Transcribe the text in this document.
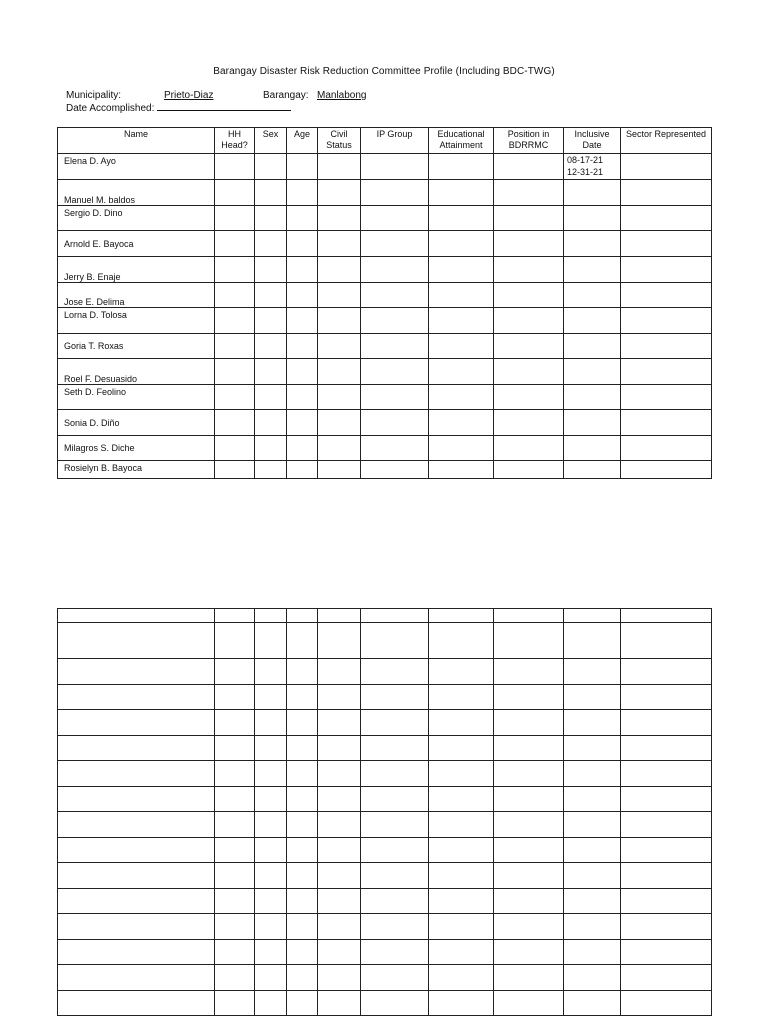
Barangay Disaster Risk Reduction Committee Profile (Including BDC-TWG)
Municipality:	Prieto-Diaz	Barangay: Manlabong
Date Accomplished:
Name	HH Head?	Sex	Age	Civil Status	IP Group	Educational Attainment	Position in BDRRMC	Inclusive Date	Sector Represented
Elena D. Ayo								08-17-21
12-31-21	

Manuel M. baldos									
Sergio D. Dino									
Arnold E. Bayoca									
Jerry B. Enaje									
Jose E. Delima									
Lorna D. Tolosa									
Goria T. Roxas									
Roel F. Desuasido									
Seth D. Feolino									
Sonia D. Diño									
Milagros S. Diche									
Rosielyn B. Bayoca									
